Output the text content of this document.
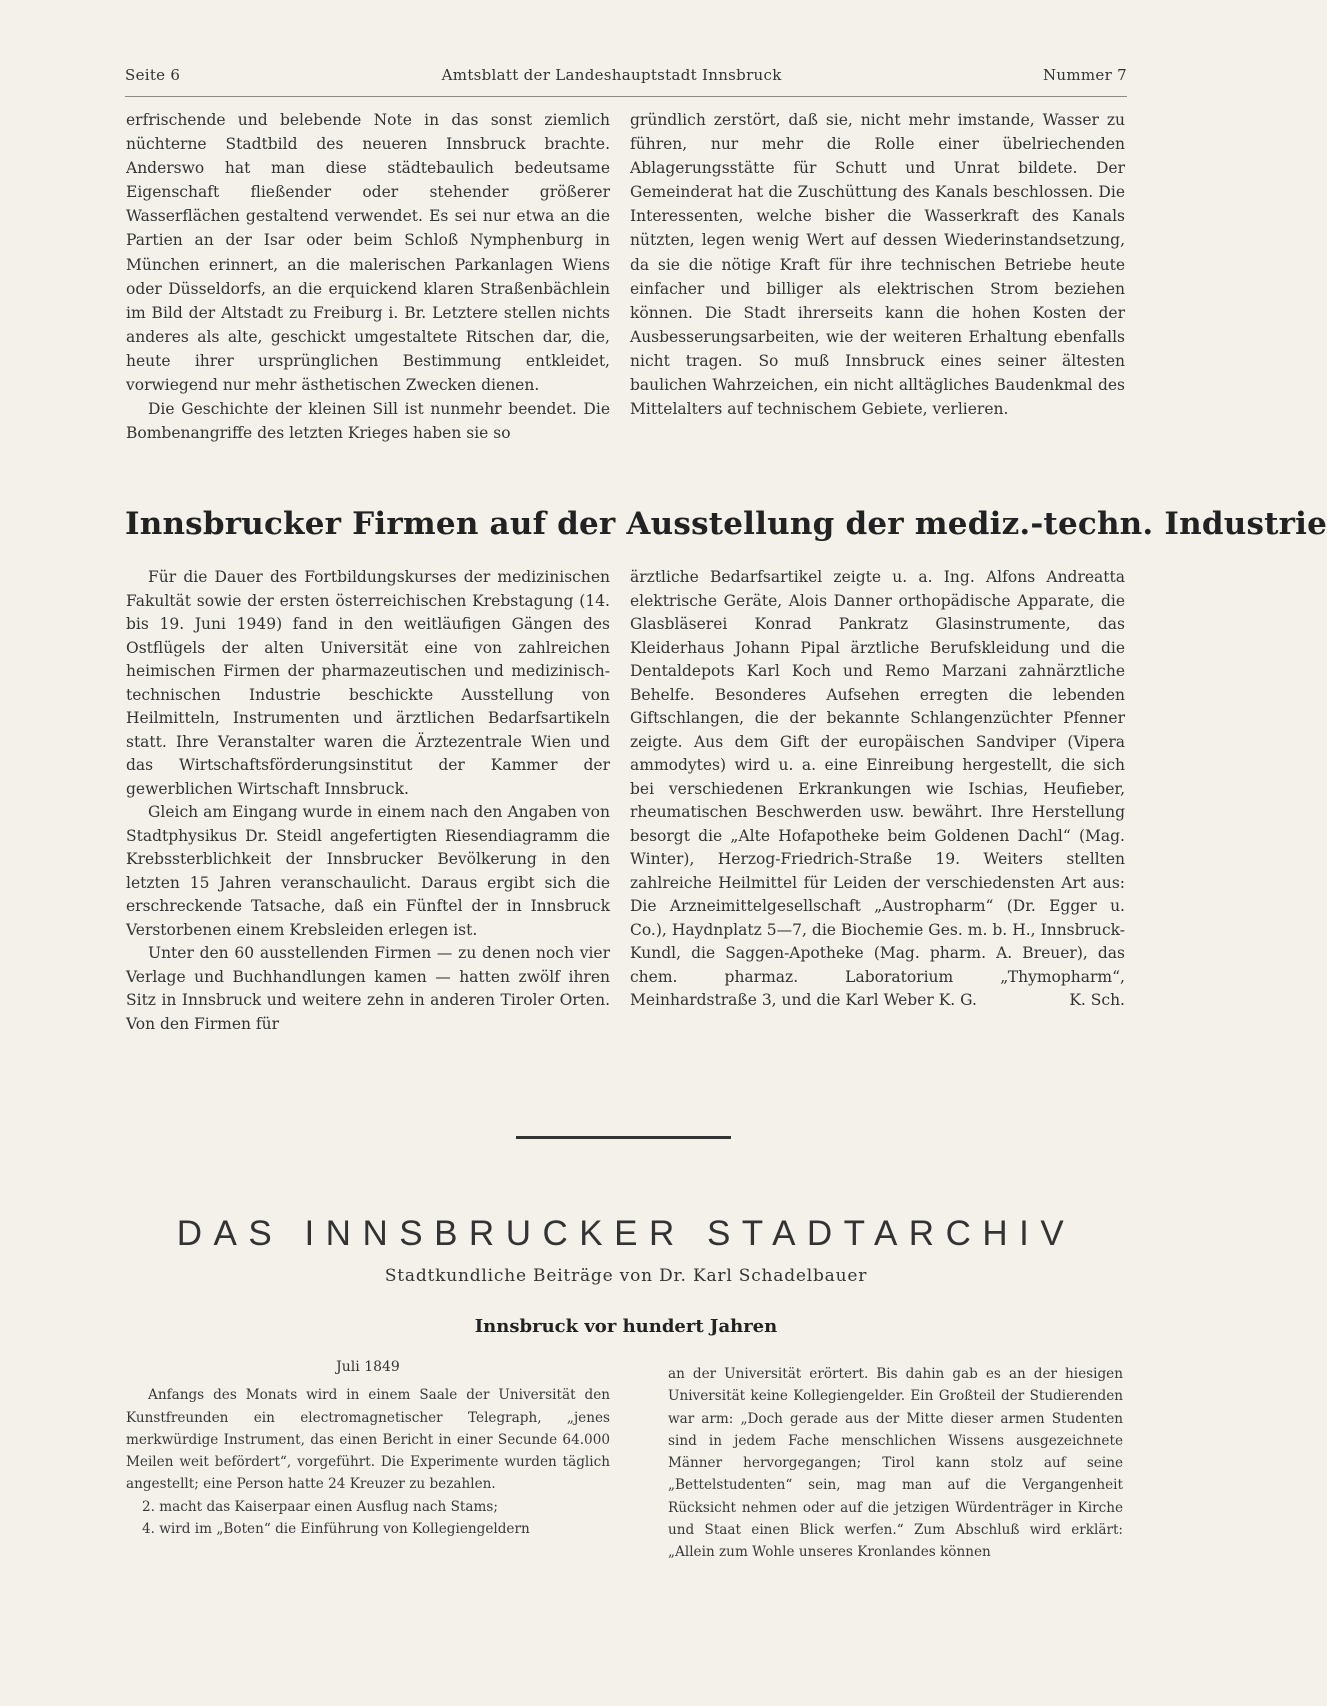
Seite 6	Amtsblatt der Landeshauptstadt Innsbruck	Nummer 7

erfrischende und belebende Note in das sonst ziemlich nüchterne Stadtbild des neueren Innsbruck brachte. Anderswo hat man diese städtebaulich bedeutsame Eigenschaft fließender oder stehender größerer Wasserflächen gestaltend verwendet. Es sei nur etwa an die Partien an der Isar oder beim Schloß Nymphenburg in München erinnert, an die malerischen Parkanlagen Wiens oder Düsseldorfs, an die erquickend klaren Straßenbächlein im Bild der Altstadt zu Freiburg i. Br. Letztere stellen nichts anderes als alte, geschickt umgestaltete Ritschen dar, die, heute ihrer ursprünglichen Bestimmung entkleidet, vorwiegend nur mehr ästhetischen Zwecken dienen.

Die Geschichte der kleinen Sill ist nunmehr beendet. Die Bombenangriffe des letzten Krieges haben sie so

gründlich zerstört, daß sie, nicht mehr imstande, Wasser zu führen, nur mehr die Rolle einer übelriechenden Ablagerungsstätte für Schutt und Unrat bildete. Der Gemeinderat hat die Zuschüttung des Kanals beschlossen. Die Interessenten, welche bisher die Wasserkraft des Kanals nützten, legen wenig Wert auf dessen Wiederinstandsetzung, da sie die nötige Kraft für ihre technischen Betriebe heute einfacher und billiger als elektrischen Strom beziehen können. Die Stadt ihrerseits kann die hohen Kosten der Ausbesserungsarbeiten, wie der weiteren Erhaltung ebenfalls nicht tragen. So muß Innsbruck eines seiner ältesten baulichen Wahrzeichen, ein nicht alltägliches Baudenkmal des Mittelalters auf technischem Gebiete, verlieren.

Innsbrucker Firmen auf der Ausstellung der mediz.-techn. Industrie

Für die Dauer des Fortbildungskurses der medizinischen Fakultät sowie der ersten österreichischen Krebstagung (14. bis 19. Juni 1949) fand in den weitläufigen Gängen des Ostflügels der alten Universität eine von zahlreichen heimischen Firmen der pharmazeutischen und medizinisch-technischen Industrie beschickte Ausstellung von Heilmitteln, Instrumenten und ärztlichen Bedarfsartikeln statt. Ihre Veranstalter waren die Ärztezentrale Wien und das Wirtschaftsförderungsinstitut der Kammer der gewerblichen Wirtschaft Innsbruck.

Gleich am Eingang wurde in einem nach den Angaben von Stadtphysikus Dr. Steidl angefertigten Riesendiagramm die Krebssterblichkeit der Innsbrucker Bevölkerung in den letzten 15 Jahren veranschaulicht. Daraus ergibt sich die erschreckende Tatsache, daß ein Fünftel der in Innsbruck Verstorbenen einem Krebsleiden erlegen ist.

Unter den 60 ausstellenden Firmen — zu denen noch vier Verlage und Buchhandlungen kamen — hatten zwölf ihren Sitz in Innsbruck und weitere zehn in anderen Tiroler Orten. Von den Firmen für

ärztliche Bedarfsartikel zeigte u. a. Ing. Alfons Andreatta elektrische Geräte, Alois Danner orthopädische Apparate, die Glasbläserei Konrad Pankratz Glasinstrumente, das Kleiderhaus Johann Pipal ärztliche Berufskleidung und die Dentaldepots Karl Koch und Remo Marzani zahnärztliche Behelfe. Besonderes Aufsehen erregten die lebenden Giftschlangen, die der bekannte Schlangenzüchter Pfenner zeigte. Aus dem Gift der europäischen Sandviper (Vipera ammodytes) wird u. a. eine Einreibung hergestellt, die sich bei verschiedenen Erkrankungen wie Ischias, Heufieber, rheumatischen Beschwerden usw. bewährt. Ihre Herstellung besorgt die „Alte Hofapotheke beim Goldenen Dachl“ (Mag. Winter), Herzog-Friedrich-Straße 19. Weiters stellten zahlreiche Heilmittel für Leiden der verschiedensten Art aus: Die Arzneimittelgesellschaft „Austropharm“ (Dr. Egger u. Co.), Haydnplatz 5—7, die Biochemie Ges. m. b. H., Innsbruck-Kundl, die Saggen-Apotheke (Mag. pharm. A. Breuer), das chem. pharmaz. Laboratorium „Thymopharm“, Meinhardstraße 3, und die Karl Weber K. G.	K. Sch.

DAS INNSBRUCKER STADTARCHIV
Stadtkundliche Beiträge von Dr. Karl Schadelbauer
Innsbruck vor hundert Jahren
Juli 1849

Anfangs des Monats wird in einem Saale der Universität den Kunstfreunden ein electromagnetischer Telegraph, „jenes merkwürdige Instrument, das einen Bericht in einer Secunde 64.000 Meilen weit befördert“, vorgeführt. Die Experimente wurden täglich angestellt; eine Person hatte 24 Kreuzer zu bezahlen.

2. macht das Kaiserpaar einen Ausflug nach Stams;

4. wird im „Boten“ die Einführung von Kollegiengeldern

an der Universität erörtert. Bis dahin gab es an der hiesigen Universität keine Kollegiengelder. Ein Großteil der Studierenden war arm: „Doch gerade aus der Mitte dieser armen Studenten sind in jedem Fache menschlichen Wissens ausgezeichnete Männer hervorgegangen; Tirol kann stolz auf seine „Bettelstudenten“ sein, mag man auf die Vergangenheit Rücksicht nehmen oder auf die jetzigen Würdenträger in Kirche und Staat einen Blick werfen.“ Zum Abschluß wird erklärt: „Allein zum Wohle unseres Kronlandes können
